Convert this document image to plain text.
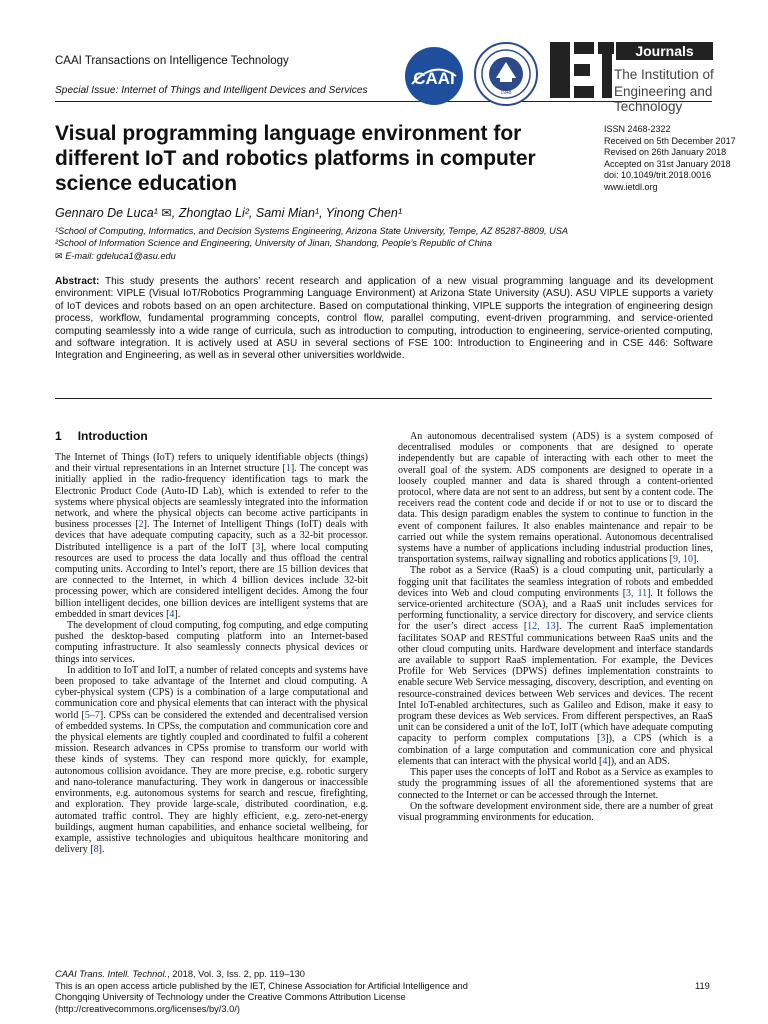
CAAI Transactions on Intelligence Technology
Special Issue: Internet of Things and Intelligent Devices and Services
CAAI
1948
Journals
The Institution of
Engineering and Technology
Visual programming language environment for different IoT and robotics platforms in computer science education
ISSN 2468-2322
Received on 5th December 2017
Revised on 26th January 2018
Accepted on 31st January 2018
doi: 10.1049/trit.2018.0016
www.ietdl.org
Gennaro De Luca¹ ✉, Zhongtao Li², Sami Mian¹, Yinong Chen¹
¹School of Computing, Informatics, and Decision Systems Engineering, Arizona State University, Tempe, AZ 85287-8809, USA
²School of Information Science and Engineering, University of Jinan, Shandong, People’s Republic of China
✉ E-mail: gdeluca1@asu.edu
Abstract: This study presents the authors’ recent research and application of a new visual programming language and its development environment: VIPLE (Visual IoT/Robotics Programming Language Environment) at Arizona State University (ASU). ASU VIPLE supports a variety of IoT devices and robots based on an open architecture. Based on computational thinking, VIPLE supports the integration of engineering design process, workflow, fundamental programming concepts, control flow, parallel computing, event-driven programming, and service-oriented computing seamlessly into a wide range of curricula, such as introduction to computing, introduction to engineering, service-oriented computing, and software integration. It is actively used at ASU in several sections of FSE 100: Introduction to Engineering and in CSE 446: Software Integration and Engineering, as well as in several other universities worldwide.
1 Introduction

The Internet of Things (IoT) refers to uniquely identifiable objects (things) and their virtual representations in an Internet structure [1]. The concept was initially applied in the radio-frequency identification tags to mark the Electronic Product Code (Auto-ID Lab), which is extended to refer to the systems where physical objects are seamlessly integrated into the information network, and where the physical objects can become active participants in business processes [2]. The Internet of Intelligent Things (IoIT) deals with devices that have adequate computing capacity, such as a 32-bit processor. Distributed intelligence is a part of the IoIT [3], where local computing resources are used to process the data locally and thus offload the central computing units. According to Intel’s report, there are 15 billion devices that are connected to the Internet, in which 4 billion devices include 32-bit processing power, which are considered intelligent decides. Among the four billion intelligent decides, one billion devices are intelligent systems that are embedded in smart devices [4].

The development of cloud computing, fog computing, and edge computing pushed the desktop-based computing platform into an Internet-based computing infrastructure. It also seamlessly connects physical devices or things into services.

In addition to IoT and IoIT, a number of related concepts and systems have been proposed to take advantage of the Internet and cloud computing. A cyber-physical system (CPS) is a combination of a large computational and communication core and physical elements that can interact with the physical world [5–7]. CPSs can be considered the extended and decentralised version of embedded systems. In CPSs, the computation and communication core and the physical elements are tightly coupled and coordinated to fulfil a coherent mission. Research advances in CPSs promise to transform our world with these kinds of systems. They can respond more quickly, for example, autonomous collision avoidance. They are more precise, e.g. robotic surgery and nano-tolerance manufacturing. They work in dangerous or inaccessible environments, e.g. autonomous systems for search and rescue, firefighting, and exploration. They provide large-scale, distributed coordination, e.g. automated traffic control. They are highly efficient, e.g. zero-net-energy buildings, augment human capabilities, and enhance societal wellbeing, for example, assistive technologies and ubiquitous healthcare monitoring and delivery [8].

An autonomous decentralised system (ADS) is a system composed of decentralised modules or components that are designed to operate independently but are capable of interacting with each other to meet the overall goal of the system. ADS components are designed to operate in a loosely coupled manner and data is shared through a content-oriented protocol, where data are not sent to an address, but sent by a content code. The receivers read the content code and decide if or not to use or to discard the data. This design paradigm enables the system to continue to function in the event of component failures. It also enables maintenance and repair to be carried out while the system remains operational. Autonomous decentralised systems have a number of applications including industrial production lines, transportation systems, railway signalling and robotics applications [9, 10].

The robot as a Service (RaaS) is a cloud computing unit, particularly a fogging unit that facilitates the seamless integration of robots and embedded devices into Web and cloud computing environments [3, 11]. It follows the service-oriented architecture (SOA), and a RaaS unit includes services for performing functionality, a service directory for discovery, and service clients for the user’s direct access [12, 13]. The current RaaS implementation facilitates SOAP and RESTful communications between RaaS units and the other cloud computing units. Hardware development and interface standards are available to support RaaS implementation. For example, the Devices Profile for Web Services (DPWS) defines implementation constraints to enable secure Web Service messaging, discovery, description, and eventing on resource-constrained devices between Web services and devices. The recent Intel IoT-enabled architectures, such as Galileo and Edison, make it easy to program these devices as Web services. From different perspectives, an RaaS unit can be considered a unit of the IoT, IoIT (which have adequate computing capacity to perform complex computations [3]), a CPS (which is a combination of a large computation and communication core and physical elements that can interact with the physical world [4]), and an ADS.

This paper uses the concepts of IoIT and Robot as a Service as examples to study the programming issues of all the aforementioned systems that are connected to the Internet or can be accessed through the Internet.

On the software development environment side, there are a number of great visual programming environments for education.

CAAI Trans. Intell. Technol., 2018, Vol. 3, Iss. 2, pp. 119–130
This is an open access article published by the IET, Chinese Association for Artificial Intelligence and
Chongqing University of Technology under the Creative Commons Attribution License
(http://creativecommons.org/licenses/by/3.0/)
119
